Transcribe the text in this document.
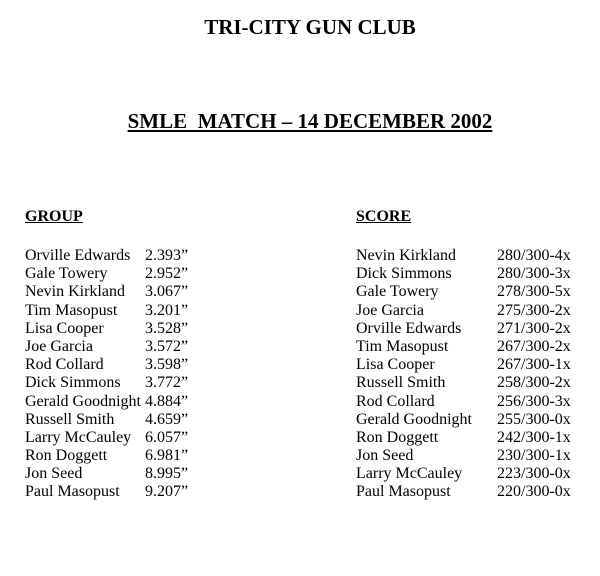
TRI-CITY GUN CLUB
SMLE  MATCH – 14 DECEMBER 2002
GROUP
Orville Edwards 2.393”
Gale Towery 2.952”
Nevin Kirkland 3.067”
Tim Masopust 3.201”
Lisa Cooper	3.528”
Joe Garcia	3.572”
Rod Collard	3.598”
Dick Simmons 3.772”
Gerald Goodnight 4.884”
Russell Smith 4.659”
Larry McCauley 6.057”
Ron Doggett 6.981”
Jon Seed	8.995”
Paul Masopust 9.207”
SCORE
Nevin Kirkland	280/300-4x
Dick Simmons	280/300-3x
Gale Towery	278/300-5x
Joe Garcia	275/300-2x
Orville Edwards 271/300-2x
Tim Masopust	267/300-2x
Lisa Cooper	267/300-1x
Russell Smith	258/300-2x
Rod Collard	256/300-3x
Gerald Goodnight 255/300-0x
Ron Doggett	242/300-1x
Jon Seed	230/300-1x
Larry McCauley 223/300-0x
Paul Masopust	220/300-0x
